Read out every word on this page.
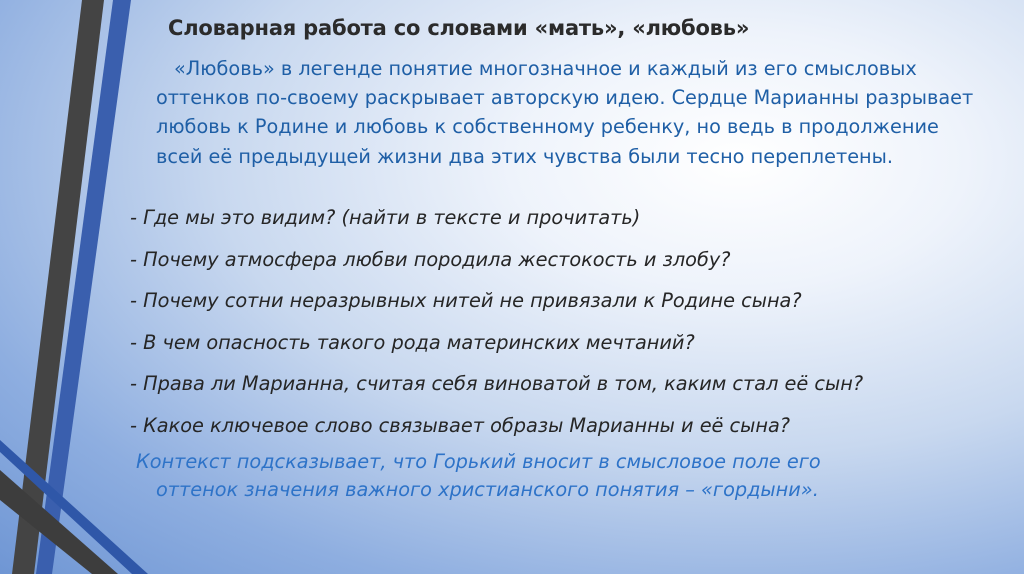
Словарная работа со словами «мать», «любовь»

«Любовь» в легенде понятие многозначное и каждый из его смысловых оттенков по-своему раскрывает авторскую идею. Сердце Марианны разрывает любовь к Родине и любовь к собственному ребенку, но ведь в продолжение всей её предыдущей жизни два этих чувства были тесно переплетены.

- Где мы это видим? (найти в тексте и прочитать)
- Почему атмосфера любви породила жестокость и злобу?
- Почему сотни неразрывных нитей не привязали к Родине сына?
- В чем опасность такого рода материнских мечтаний?
- Права ли Марианна, считая себя виноватой в том, каким стал её сын?
- Какое ключевое слово связывает образы Марианны и её сына?

Контекст подсказывает, что Горький вносит в смысловое поле его
оттенок значения важного христианского понятия – «гордыни».
